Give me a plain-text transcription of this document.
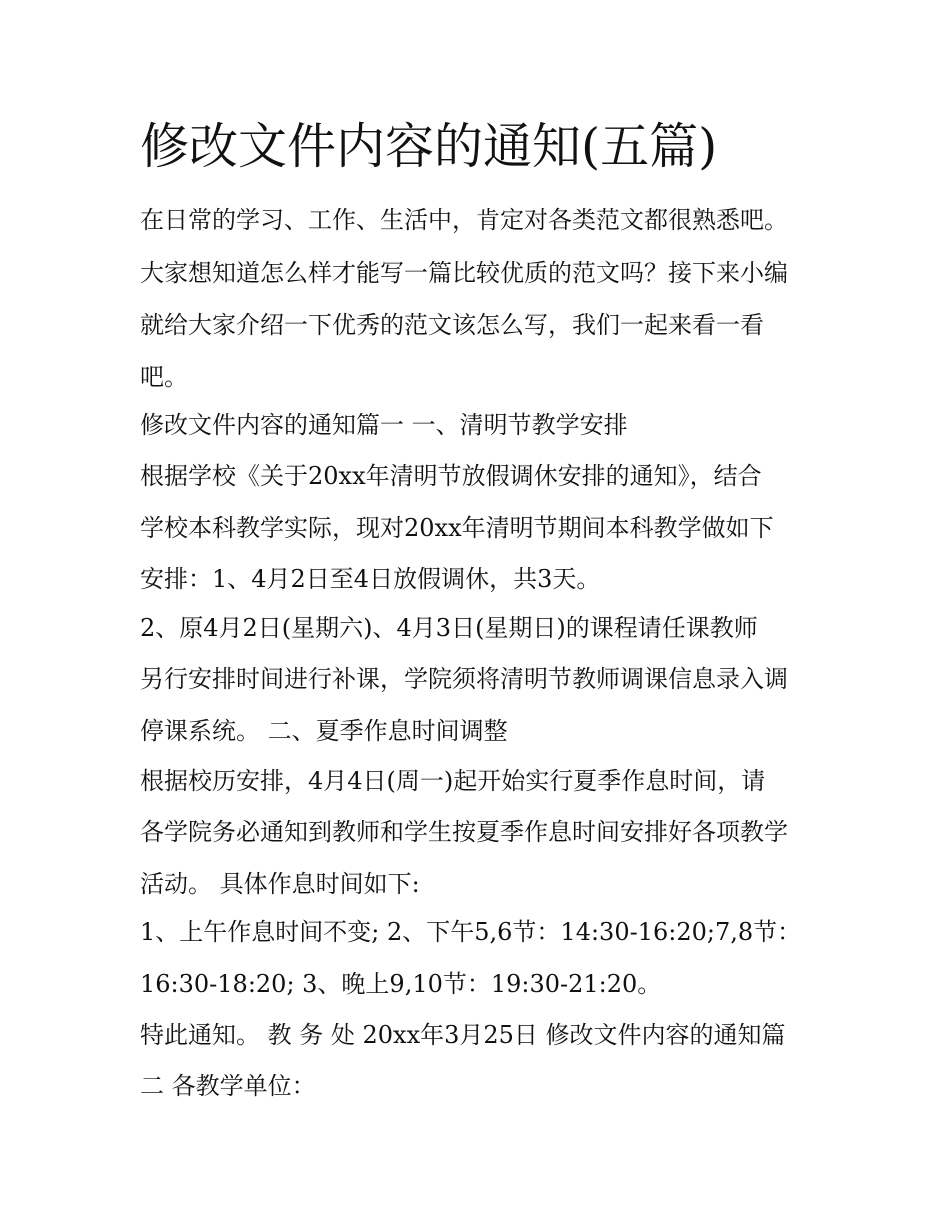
修改文件内容的通知(五篇)

在日常的学习、工作、生活中，肯定对各类范文都很熟悉吧。

大家想知道怎么样才能写一篇比较优质的范文吗？接下来小编

就给大家介绍一下优秀的范文该怎么写，我们一起来看一看

吧。

修改文件内容的通知篇一 一、清明节教学安排

根据学校《关于20xx年清明节放假调休安排的通知》，结合

学校本科教学实际，现对20xx年清明节期间本科教学做如下

安排：1、4月2日至4日放假调休，共3天。

2、原4月2日(星期六)、4月3日(星期日)的课程请任课教师

另行安排时间进行补课，学院须将清明节教师调课信息录入调

停课系统。 二、夏季作息时间调整

根据校历安排，4月4日(周一)起开始实行夏季作息时间，请

各学院务必通知到教师和学生按夏季作息时间安排好各项教学

活动。 具体作息时间如下:

1、上午作息时间不变; 2、下午5,6节：14:30-16:20;7,8节：

16:30-18:20; 3、晚上9,10节：19:30-21:20。

特此通知。 教 务 处 20xx年3月25日 修改文件内容的通知篇

二 各教学单位：
